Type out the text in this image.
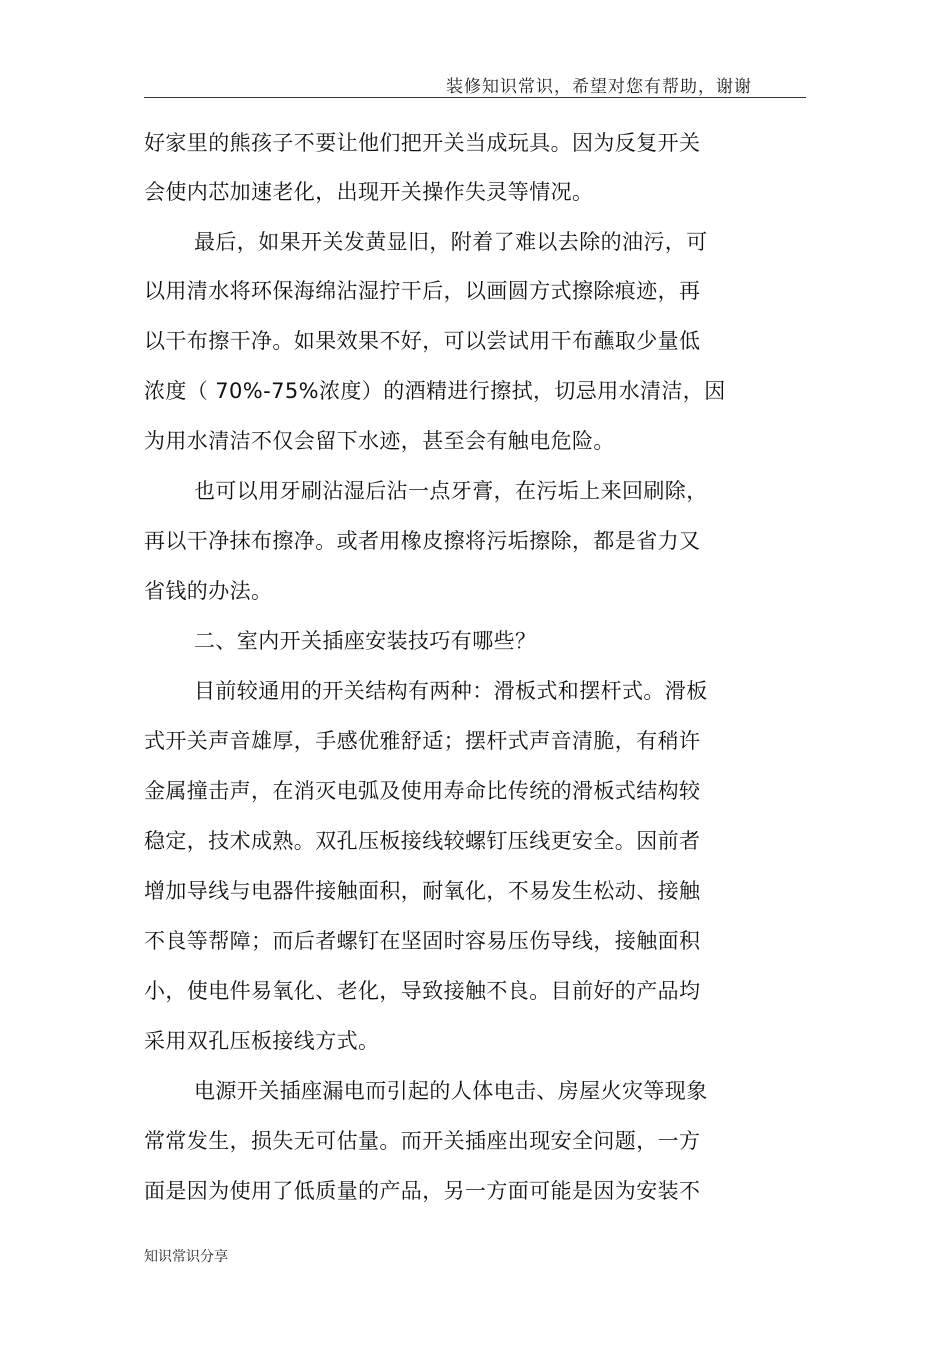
装修知识常识，希望对您有帮助，谢谢
好家里的熊孩子不要让他们把开关当成玩具。因为反复开关
会使内芯加速老化，出现开关操作失灵等情况。
最后，如果开关发黄显旧，附着了难以去除的油污，可
以用清水将环保海绵沾湿拧干后，以画圆方式擦除痕迹，再
以干布擦干净。如果效果不好，可以尝试用干布蘸取少量低
浓度（ 70%-75%浓度）的酒精进行擦拭，切忌用水清洁，因
为用水清洁不仅会留下水迹，甚至会有触电危险。
也可以用牙刷沾湿后沾一点牙膏，在污垢上来回刷除，
再以干净抹布擦净。或者用橡皮擦将污垢擦除，都是省力又
省钱的办法。
二、室内开关插座安装技巧有哪些？
目前较通用的开关结构有两种：滑板式和摆杆式。滑板
式开关声音雄厚，手感优雅舒适；摆杆式声音清脆，有稍许
金属撞击声，在消灭电弧及使用寿命比传统的滑板式结构较
稳定，技术成熟。双孔压板接线较螺钉压线更安全。因前者
增加导线与电器件接触面积，耐氧化，不易发生松动、接触
不良等帮障；而后者螺钉在坚固时容易压伤导线，接触面积
小，使电件易氧化、老化，导致接触不良。目前好的产品均
采用双孔压板接线方式。
电源开关插座漏电而引起的人体电击、房屋火灾等现象
常常发生，损失无可估量。而开关插座出现安全问题，一方
面是因为使用了低质量的产品，另一方面可能是因为安装不
知识常识分享
